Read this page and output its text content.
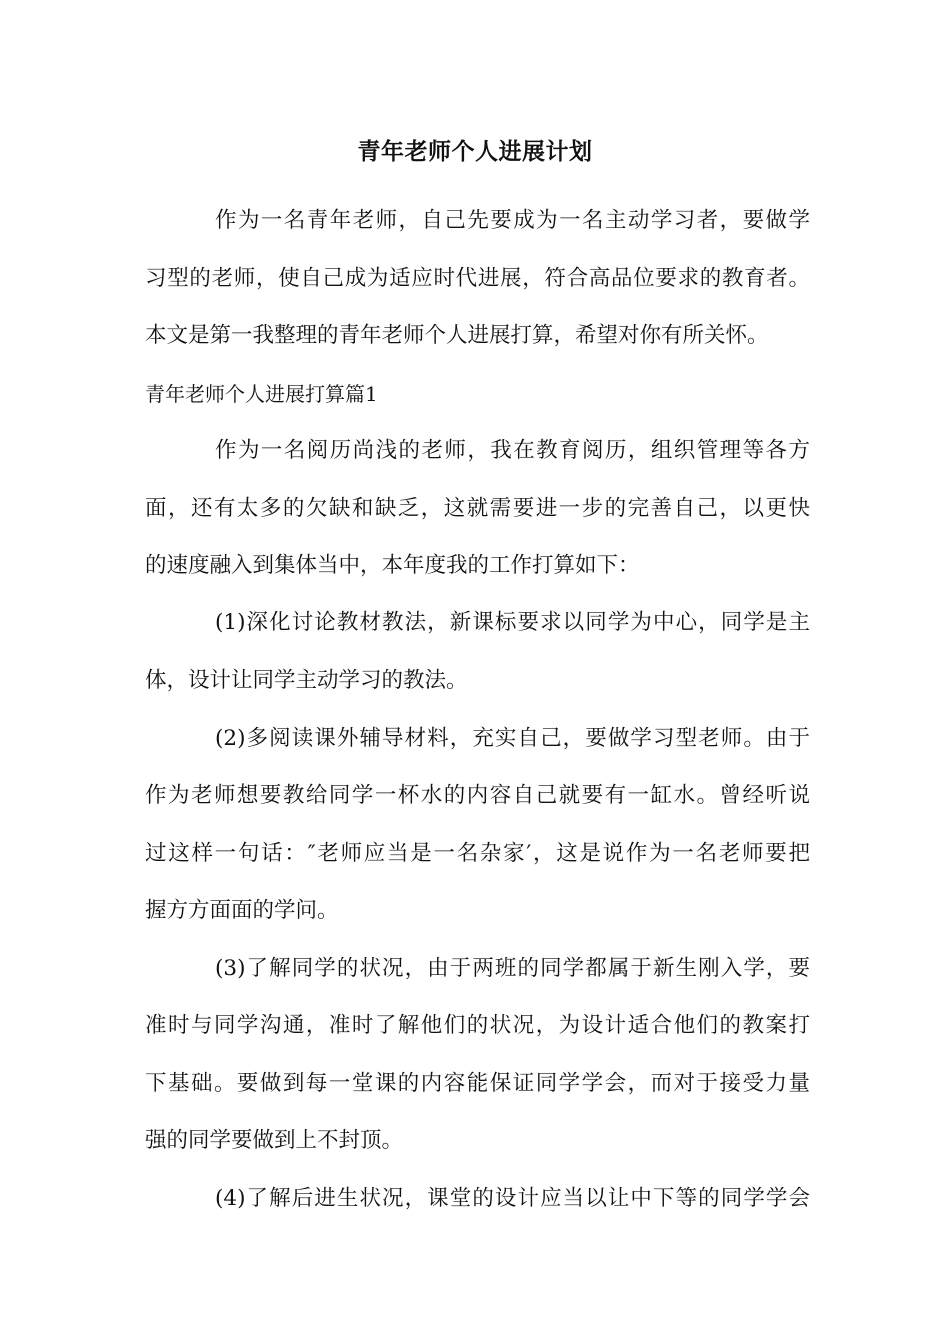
青年老师个人进展计划
作为一名青年老师，自己先要成为一名主动学习者，要做学
习型的老师，使自己成为适应时代进展，符合高品位要求的教育者。
本文是第一我整理的青年老师个人进展打算，希望对你有所关怀。
青年老师个人进展打算篇1
作为一名阅历尚浅的老师，我在教育阅历，组织管理等各方
面，还有太多的欠缺和缺乏，这就需要进一步的完善自己，以更快
的速度融入到集体当中，本年度我的工作打算如下：
(1)深化讨论教材教法，新课标要求以同学为中心，同学是主
体，设计让同学主动学习的教法。
(2)多阅读课外辅导材料，充实自己，要做学习型老师。由于
作为老师想要教给同学一杯水的内容自己就要有一缸水。曾经听说
过这样一句话：″老师应当是一名杂家′，这是说作为一名老师要把
握方方面面的学问。
(3)了解同学的状况，由于两班的同学都属于新生刚入学，要
准时与同学沟通，准时了解他们的状况，为设计适合他们的教案打
下基础。要做到每一堂课的内容能保证同学学会，而对于接受力量
强的同学要做到上不封顶。
(4)了解后进生状况，课堂的设计应当以让中下等的同学学会
